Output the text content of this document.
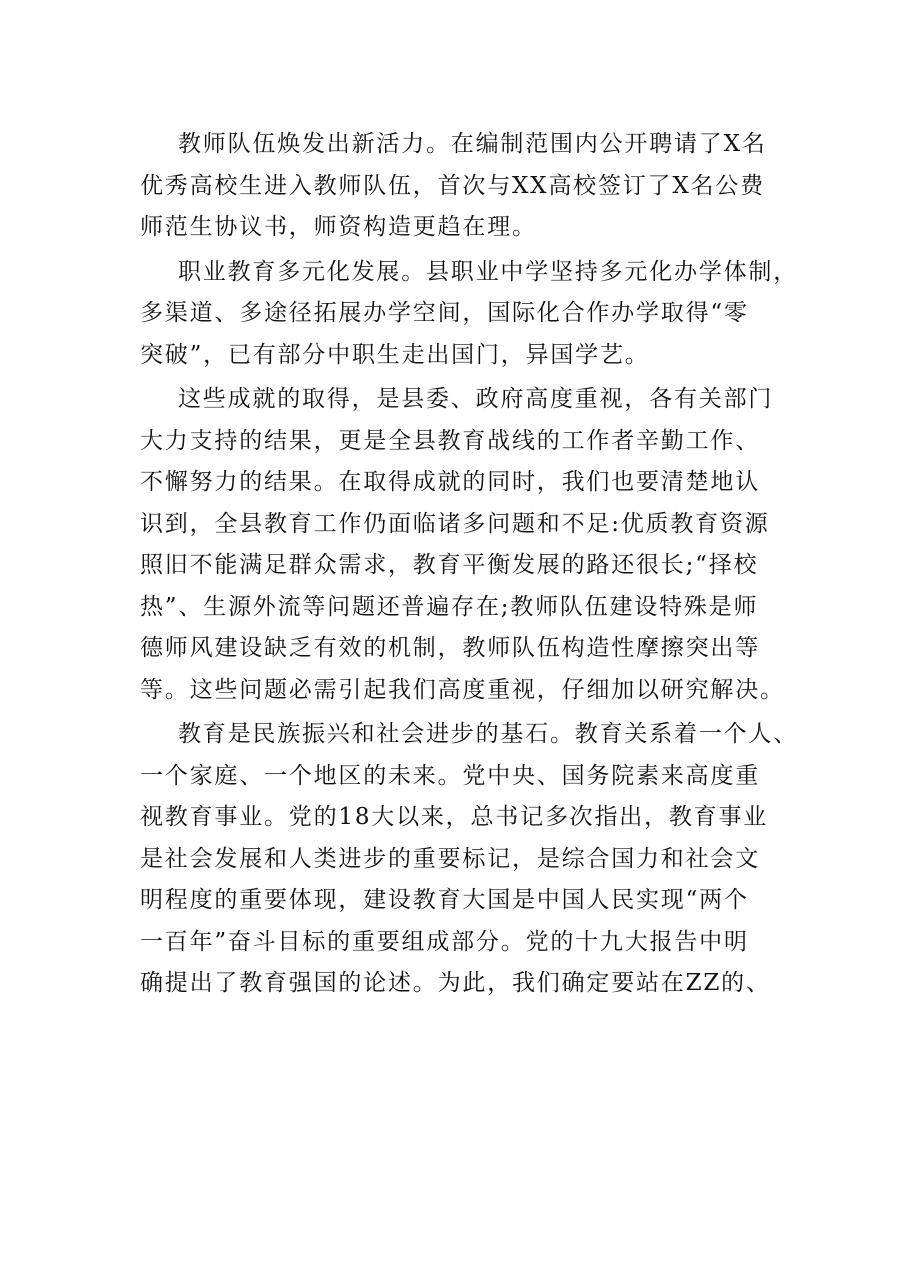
教师队伍焕发出新活力。在编制范围内公开聘请了X名
优秀高校生进入教师队伍，首次与XX高校签订了X名公费
师范生协议书，师资构造更趋在理。
职业教育多元化发展。县职业中学坚持多元化办学体制，
多渠道、多途径拓展办学空间，国际化合作办学取得“零
突破”，已有部分中职生走出国门，异国学艺。
这些成就的取得，是县委、政府高度重视，各有关部门
大力支持的结果，更是全县教育战线的工作者辛勤工作、
不懈努力的结果。在取得成就的同时，我们也要清楚地认
识到，全县教育工作仍面临诸多问题和不足:优质教育资源
照旧不能满足群众需求，教育平衡发展的路还很长;“择校
热”、生源外流等问题还普遍存在;教师队伍建设特殊是师
德师风建设缺乏有效的机制，教师队伍构造性摩擦突出等
等。这些问题必需引起我们高度重视，仔细加以研究解决。
教育是民族振兴和社会进步的基石。教育关系着一个人、
一个家庭、一个地区的未来。党中央、国务院素来高度重
视教育事业。党的18大以来，总书记多次指出，教育事业
是社会发展和人类进步的重要标记，是综合国力和社会文
明程度的重要体现，建设教育大国是中国人民实现“两个
一百年”奋斗目标的重要组成部分。党的十九大报告中明
确提出了教育强国的论述。为此，我们确定要站在ZZ的、
